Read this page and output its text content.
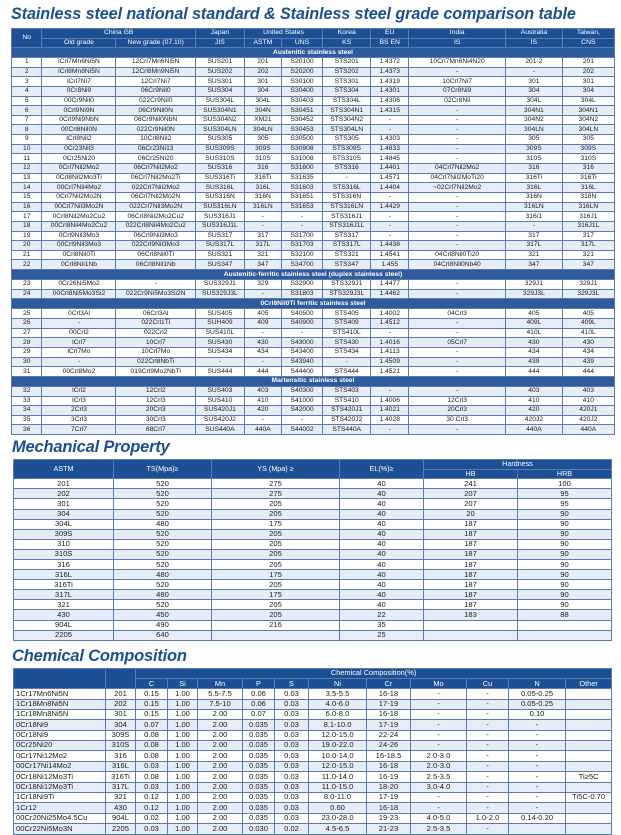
Stainless steel national standard & Stainless steel grade comparison table
No	China GB		Japan	United States		Korea	EU	India	Australia	Taiwan,
	Old grade	New grade (07.10)	JIS	ASTM	UNS	KS	BS EN	IS	IS	CNS
Austenitic stainless steel										
1	lCrl7Mn6Ni5N	12Crl7Mn6Ni5N	SUS201	201	S20100	STS201	1.4372	10Crl7Mn6Ni4N20	201-2	201
2	lCrl8Mn8Ni5N	12Crl8Mn9Ni5N	SUS202	202	S20200	STS202	1.4373	-	-	202
3	lCrl7Ni7	12Crl7Ni7	SUS301	301	S30100	STS301	1.4319	10Crl7Ni7	301	301
4	0Cr8Ni9	06Cr9Nil0	SUS304	304	S30400	STS304	1.4301	07Cr8Ni9	304	304
5	00Cr9Nil0	022Cr9Nil0	SUS304L	304L	S30403	STS304L	1.4306	02Cr8Nil	304L	304L
6	0Crl9Ni9N	06Cr9Nil0N	SUS304N1	304N	S30451	STS304N1	1.4315	-	304N1	304N1
7	0Crl9Ni9NbN	06Cr9Nil0NbN	SUS304N2	XM21	S30452	STS304N2	-	-	304N2	304N2
8	00Crl8Nil0N	022Cr9Nil0N	SUS304LN	304LN	S30453	STS304LN	-	-	304LN	304LN
9	lCrl8Nil2	10Crl8Nil2	SUS305	305	S30500	STS305	1.4303	-	305	305
10	0Cr23Nil3	06Cr23Ni13	SUS309S	309S	S30908	STS309S	1.4833	-	309S	309S
11	0Cr25Ni20	06Cr25Ni20	SUS310S	310S	S31008	STS310S	1.4845	-	310S	310S
12	0Crl7Nil2Mo2	06Crl7Nil2Mo2	SUS316	316	S31600	STS316	1.4401	04Crl7Nil2Mo2	316	316
13	0Crl8Nil2Mo3Ti	06Crl7Nil2Mo2Ti	SUS316Ti	316Ti	S31635	-	1.4571	04Crl7Nil2MoTi20	316Ti	316Ti
14	00Crl7Nil4Mo2	022Crl7Nil2Mo2	SUS316L	316L	S31603	STS316L	1.4404	~02Crl7Nil2Mo2	316L	316L
15	0Crl7Nil2Mo2N	06Crl7Nil2Mo2N	SUS316N	316N	S31651	STS316N	-	-	316N	316N
16	00Crl7Nil3Mo2N	022Crl7Nil3Mo2N	SUS316LN	316LN	S31653	STS316LN	1.4429	-	316LN	316LN
17	0Crl8Nil2Mo2Cu2	06Crl8Nil2Mo2Cu2	SUS316J1	-	-	STS316J1	-	-	316/1	316J1
18	00Crl8Nil4Mo2Cu2	022Crl8Nil4Mo2Cu2	SUS316J1L	-	-	STS316J1L	-	-	-	316J1L
19	0Crl9Nil3Mo3	06Crl9Nil3Mo3	SUS317	317	S31700	STS317	-	-	317	317
20	00Crl9Nil3Mo3	022Crl9Nil3Mo3	SUS317L	317L	S31703	STS317L	1.4438	-	317L	317L
21	0Crl8Nil0Ti	06Crl8Nil0Ti	SUS321	321	S32100	STS321	1.4541	04Crl8Nil0Ti20	321	321
22	0Crl8Nil1Nb	06Crl8Nil1Nb	SUS347	347	S34700	STS347	1.455	04Crl8Nil0Nb40	347	347
Austenitic-ferritic stainless steel (duplex stainless steel)										
23	0Cr26Ni5Mo2	-	SUS329J1	329	S32900	STS329J1	1.4477	-	329J1	329J1
24	00Crl8Ni5Mo3Si2	022Cr9Ni5Mo3Si2N	SUS329J3L	-	S31803	STS329J3L	1.4462	-	329J3L	329J3L
0Crl8Nil0Ti ferritic stainless steel										
25	0Crl3Al	06Crl3Al	SUS405	405	S40500	STS405	1.4002	04Crl3	405	405
26	-	022Crl1Ti	SUH409	409	S40900	STS409	1.4512	-	409L	409L
27	00Crl2	022Crl2	SUS410L	-	-	STS410L	-	-	410L	410L
28	lCrl7	10Crl7	SUS430	430	S43000	STS430	1.4016	05Crl7	430	430
29	lCrl7Mo	10Crl7Mo	SUS434	434	S43400	STS434	1.4113	-	434	434
30	-	022Crl8NbTi	-	-	S43940	-	1.4509	-	439	439
31	00Crl8Mo2	019Crl9Mo2NbTi	SUS444	444	S44400	STS444	1.4521	-	444	444
Martensitic stainless steel										
32	lCrl2	12Crl2	SUS403	403	S40300	STS403	-	-	403	403
33	lCrl3	12Crl3	SUS410	410	S41000	STS410	1.4006	12Crl3	410	410
34	2Crl3	20Crl3	SUS420J1	420	S42000	STS420J1	1.4021	20Crl3	420	420J1
35	3Crl3	30Crl3	SUS420J2	-	-	STS420J2	1.4028	30 Crl3	420J2	420J2
36	7Crl7	68Crl7	SUS440A	440A	S44002	STS440A	-	-	440A	440A
Mechanical Property
ASTM	TS(Mpa)≥	YS (Mpa) ≥	EL(%)≥	Hardness	
				HB	HRB
201	520	275	40	241	100
202	520	275	40	207	95
301	520	205	40	207	95
304	520	205	40	20	90
304L	480	175	40	187	90
309S	520	205	40	187	90
310	520	205	40	187	90
310S	520	205	40	187	90
316	520	205	40	187	90
316L	480	175	40	187	90
316Ti	520	205	40	187	90
317L	480	175	40	187	90
321	520	205	40	187	90
430	450	205	22	183	88
904L	490	216	35		
2205	640		25		
Chemical Composition
		Chemical Composition(%)										
		C	Si	Mn	P	S	Ni	Cr	Mo	Cu	N	Other
1Cr17Mn6Ni5N	201	0.15	1.00	5.5-7.5	0.06	0.03	3.5-5.5	16-18	-	-	0.05-0.25	
1Cr18Mn8Ni5N	202	0.15	1.00	7.5-10	0.06	0.03	4.0-6.0	17-19	-	-	0.05-0.25	
1Cr18Mn8Ni5N	301	0.15	1.00	2.00	0.07	0.03	6.0-8.0	16-18	-	-	0.10	
0Cr18Ni9	304	0.07	1.00	2.00	0.035	0.03	8.1-10.0	17-19	-	-	-	
0Cr18Ni9	309S	0.08	1.00	2.00	0.035	0.03	12.0-15.0	22-24	-	-	-	
0Cr25Ni20	310S	0.08	1.00	2.00	0.035	0.03	19.0-22.0	24-26	-	-	-	
0Cr17Ni12Mo2	316	0.08	1.00	2.00	0.035	0.03	10.0-14.0	16-18.5	2.0-3.0	-	-	
00Cr17Ni14Mo2	316L	0.03	1.00	2.00	0.035	0.03	12.0-15.0	16-18	2.0-3.0	-	-	
0Cr18Ni12Mo3Ti	316Ti	0.08	1.00	2.00	0.035	0.03	11.0-14.0	16-19	2.5-3.5	-	-	Ti≥5C
0Cr18Ni12Mo3Ti	317L	0.03	1.00	2.00	0.035	0.03	11.0-15.0	18-20	3.0-4.0	-	-	
1Cr18Ni9Ti	321	0.12	1.00	2.00	0.035	0.03	8.0-11.0	17-19	-	-	-	Ti5C-0.70
1Cr12	430	0.12	1.00	2.00	0.035	0.03	0.60	16-18	-	-	-	
00Cr20Ni25Mo4.5Cu	904L	0.02	1.00	2.00	0.035	0.03	23.0-28.0	19-23	4.0-5.0	1.0-2.0	0.14-0.20	
00Cr22Ni5Mo3N	2205	0.03	1.00	2.00	0.030	0.02	4.5-6.5	21-23	2.5-3.5	-		
